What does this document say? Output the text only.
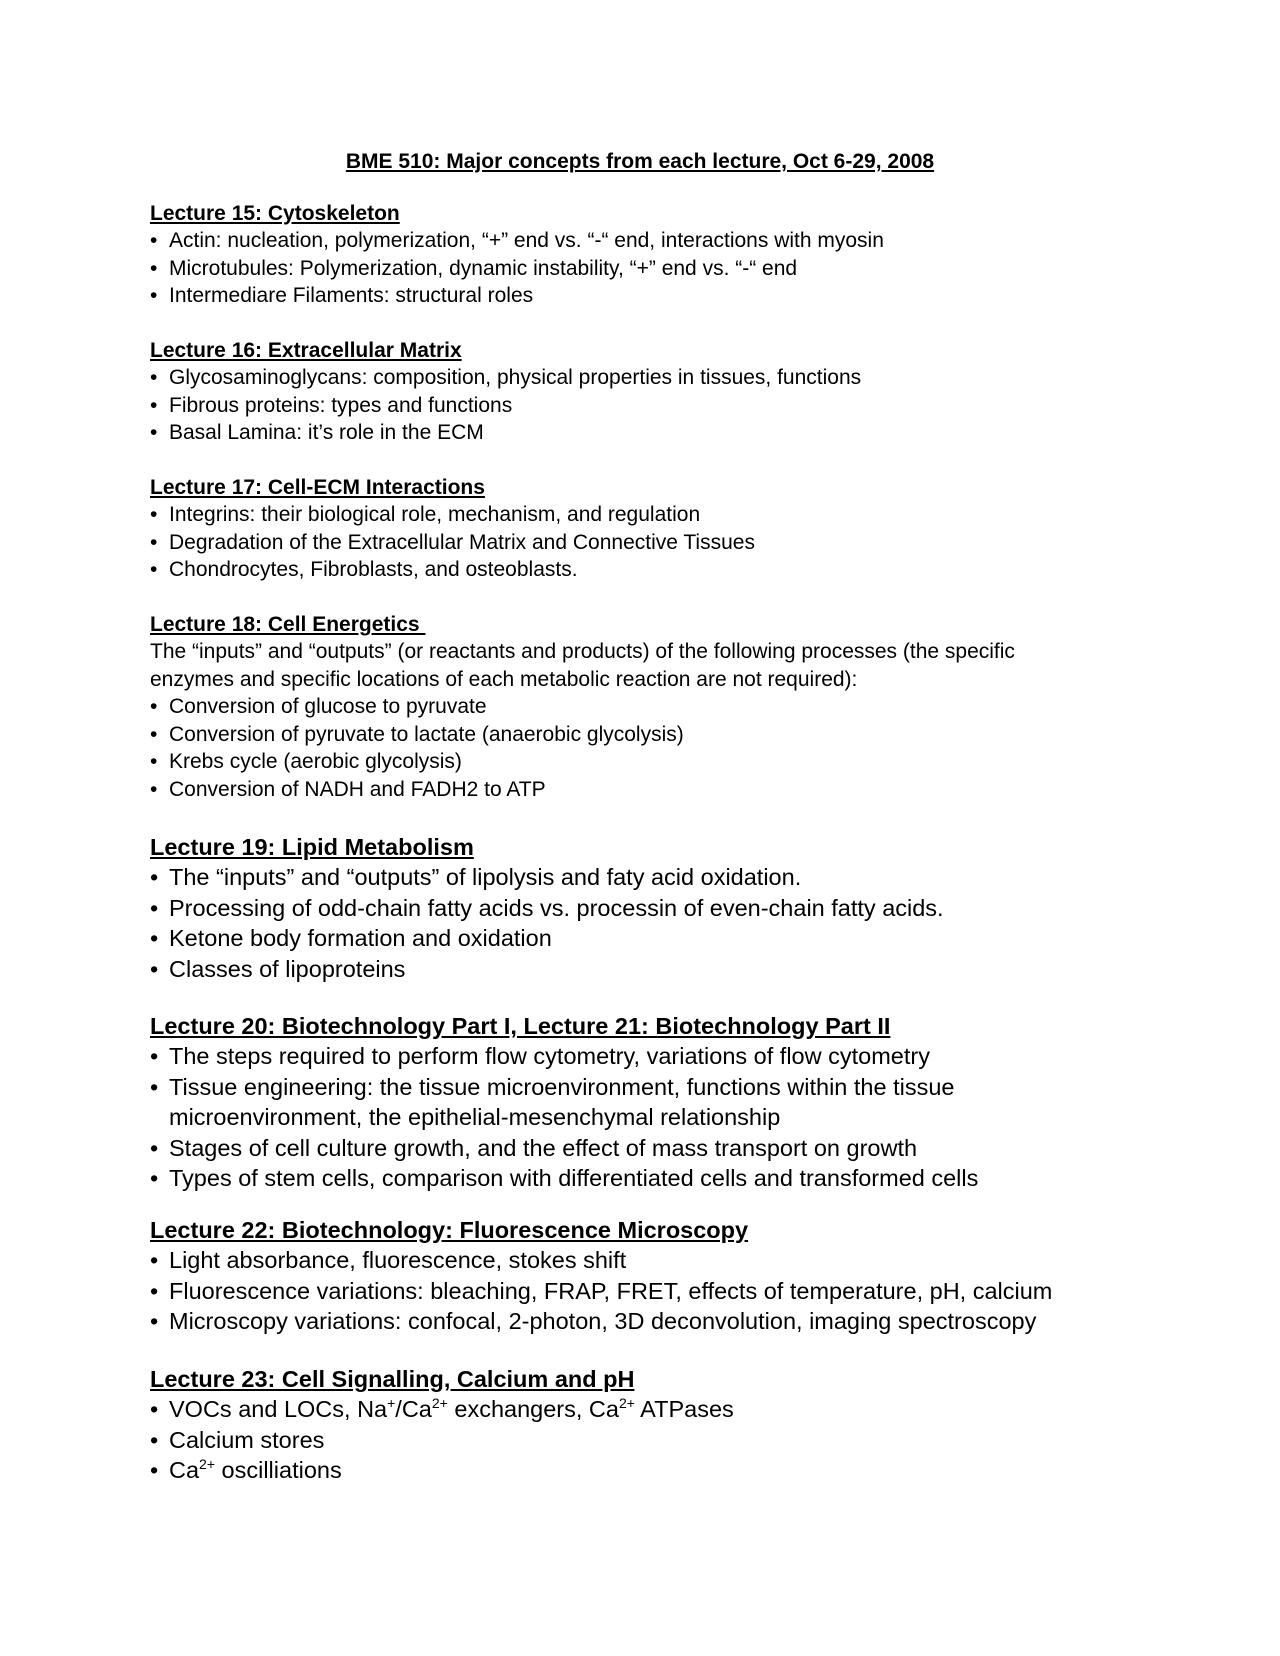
BME 510: Major concepts from each lecture, Oct 6-29, 2008
Lecture 15: Cytoskeleton
• Actin: nucleation, polymerization, “+” end vs. “-“ end, interactions with myosin
• Microtubules: Polymerization, dynamic instability, “+” end vs. “-“ end
• Intermediare Filaments: structural roles
Lecture 16: Extracellular Matrix
• Glycosaminoglycans: composition, physical properties in tissues, functions
• Fibrous proteins: types and functions
• Basal Lamina: it’s role in the ECM
Lecture 17: Cell-ECM Interactions
• Integrins: their biological role, mechanism, and regulation
• Degradation of the Extracellular Matrix and Connective Tissues
• Chondrocytes, Fibroblasts, and osteoblasts.
Lecture 18: Cell Energetics

The “inputs” and “outputs” (or reactants and products) of the following processes (the specific enzymes and specific locations of each metabolic reaction are not required):

• Conversion of glucose to pyruvate
• Conversion of pyruvate to lactate (anaerobic glycolysis)
• Krebs cycle (aerobic glycolysis)
• Conversion of NADH and FADH2 to ATP
Lecture 19: Lipid Metabolism
• The “inputs” and “outputs” of lipolysis and faty acid oxidation.
• Processing of odd-chain fatty acids vs. processin of even-chain fatty acids.
• Ketone body formation and oxidation
• Classes of lipoproteins
Lecture 20: Biotechnology Part I, Lecture 21: Biotechnology Part II
• The steps required to perform flow cytometry, variations of flow cytometry
• Tissue engineering: the tissue microenvironment, functions within the tissue
microenvironment, the epithelial-mesenchymal relationship
• Stages of cell culture growth, and the effect of mass transport on growth
• Types of stem cells, comparison with differentiated cells and transformed cells
Lecture 22: Biotechnology: Fluorescence Microscopy
• Light absorbance, fluorescence, stokes shift
• Fluorescence variations: bleaching, FRAP, FRET, effects of temperature, pH, calcium
• Microscopy variations: confocal, 2-photon, 3D deconvolution, imaging spectroscopy
Lecture 23: Cell Signalling, Calcium and pH
• VOCs and LOCs, $Na^+/Ca^{2+}$ exchangers, $Ca^{2+}$ ATPases
• Calcium stores
• $Ca^{2+}$ oscilliations
